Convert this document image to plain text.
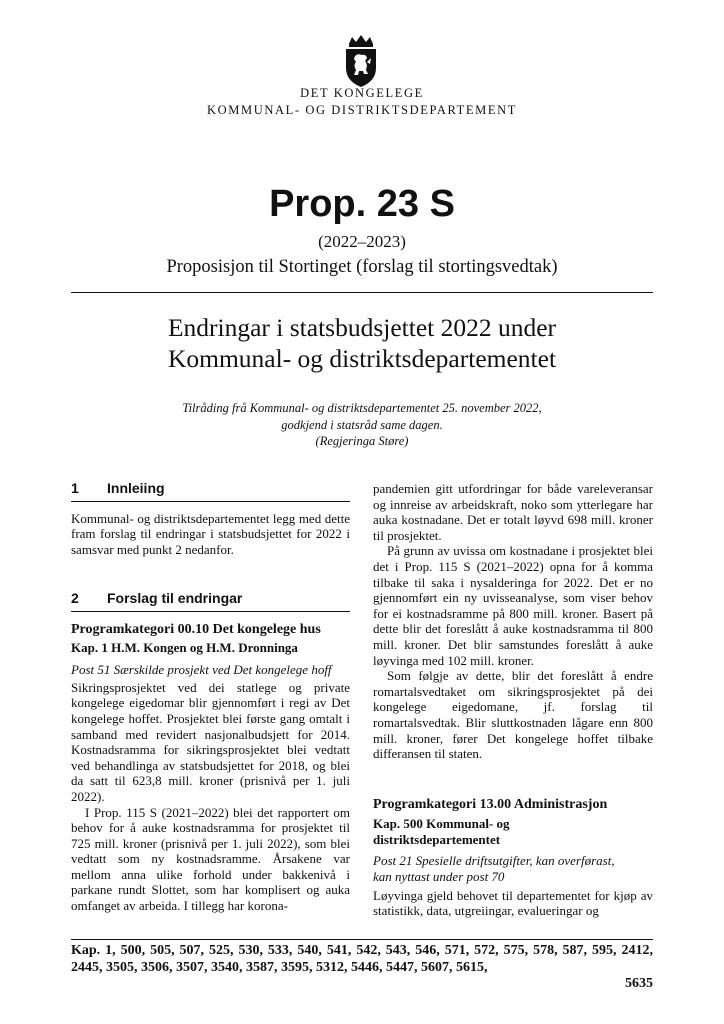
DET KONGELEGE
KOMMUNAL- OG DISTRIKTSDEPARTEMENT
Prop. 23 S
(2022–2023)
Proposisjon til Stortinget (forslag til stortingsvedtak)
Endringar i statsbudsjettet 2022 under
Kommunal- og distriktsdepartementet
Tilråding frå Kommunal- og distriktsdepartementet 25. november 2022,
godkjend i statsråd same dagen.
(Regjeringa Støre)
1	Innleiing

Kommunal- og distriktsdepartementet legg med dette fram forslag til endringar i statsbudsjettet for 2022 i samsvar med punkt 2 nedanfor.

2	Forslag til endringar
Programkategori 00.10 Det kongelege hus
Kap. 1 H.M. Kongen og H.M. Dronninga
Post 51 Særskilde prosjekt ved Det kongelege hoff

Sikringsprosjektet ved dei statlege og private kongelege eigedomar blir gjennomført i regi av Det kongelege hoffet. Prosjektet blei første gang omtalt i samband med revidert nasjonalbudsjett for 2014. Kostnadsramma for sikringsprosjektet blei vedtatt ved behandlinga av statsbudsjettet for 2018, og blei da satt til 623,8 mill. kroner (prisnivå per 1. juli 2022).

I Prop. 115 S (2021–2022) blei det rapportert om behov for å auke kostnadsramma for prosjektet til 725 mill. kroner (prisnivå per 1. juli 2022), som blei vedtatt som ny kostnadsramme. Årsakene var mellom anna ulike forhold under bakkenivå i parkane rundt Slottet, som har komplisert og auka omfanget av arbeida. I tillegg har korona-

pandemien gitt utfordringar for både vareleveransar og innreise av arbeidskraft, noko som ytterlegare har auka kostnadane. Det er totalt løyvd 698 mill. kroner til prosjektet.

På grunn av uvissa om kostnadane i prosjektet blei det i Prop. 115 S (2021–2022) opna for å komma tilbake til saka i nysalderinga for 2022. Det er no gjennomført ein ny uvisseanalyse, som viser behov for ei kostnadsramme på 800 mill. kroner. Basert på dette blir det foreslått å auke kostnadsramma til 800 mill. kroner. Det blir samstundes foreslått å auke løyvinga med 102 mill. kroner.

Som følgje av dette, blir det foreslått å endre romartalsvedtaket om sikringsprosjektet på dei kongelege eigedomane, jf. forslag til romartalsvedtak. Blir sluttkostnaden lågare enn 800 mill. kroner, fører Det kongelege hoffet tilbake differansen til staten.

Programkategori 13.00 Administrasjon
Kap. 500 Kommunal- og
distriktsdepartementet
Post 21 Spesielle driftsutgifter, kan overførast,
kan nyttast under post 70

Løyvinga gjeld behovet til departementet for kjøp av statistikk, data, utgreiingar, evalueringar og

Kap. 1, 500, 505, 507, 525, 530, 533, 540, 541, 542, 543, 546, 571, 572, 575, 578, 587, 595, 2412, 2445, 3505, 3506, 3507, 3540, 3587, 3595, 5312, 5446, 5447, 5607, 5615,
5635
